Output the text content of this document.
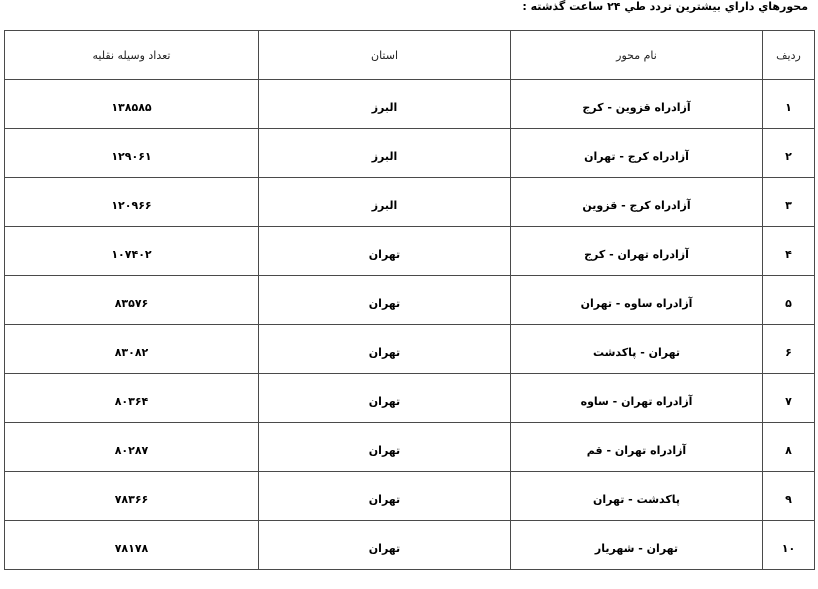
محورهاي داراي بيشترين تردد طي ۲۴ ساعت گذشته :
رديف	نام محور	استان	تعداد وسيله نقليه
۱	آزادراه قزوين - كرج	البرز	۱۳۸۵۸۵
۲	آزادراه كرج - تهران	البرز	۱۲۹۰۶۱
۳	آزادراه كرج - قزوين	البرز	۱۲۰۹۶۶
۴	آزادراه تهران - كرج	تهران	۱۰۷۴۰۲
۵	آزادراه ساوه - تهران	تهران	۸۳۵۷۶
۶	تهران - پاكدشت	تهران	۸۳۰۸۲
۷	آزادراه تهران - ساوه	تهران	۸۰۳۶۴
۸	آزادراه تهران - قم	تهران	۸۰۲۸۷
۹	پاكدشت - تهران	تهران	۷۸۳۶۶
۱۰	تهران - شهريار	تهران	۷۸۱۷۸
